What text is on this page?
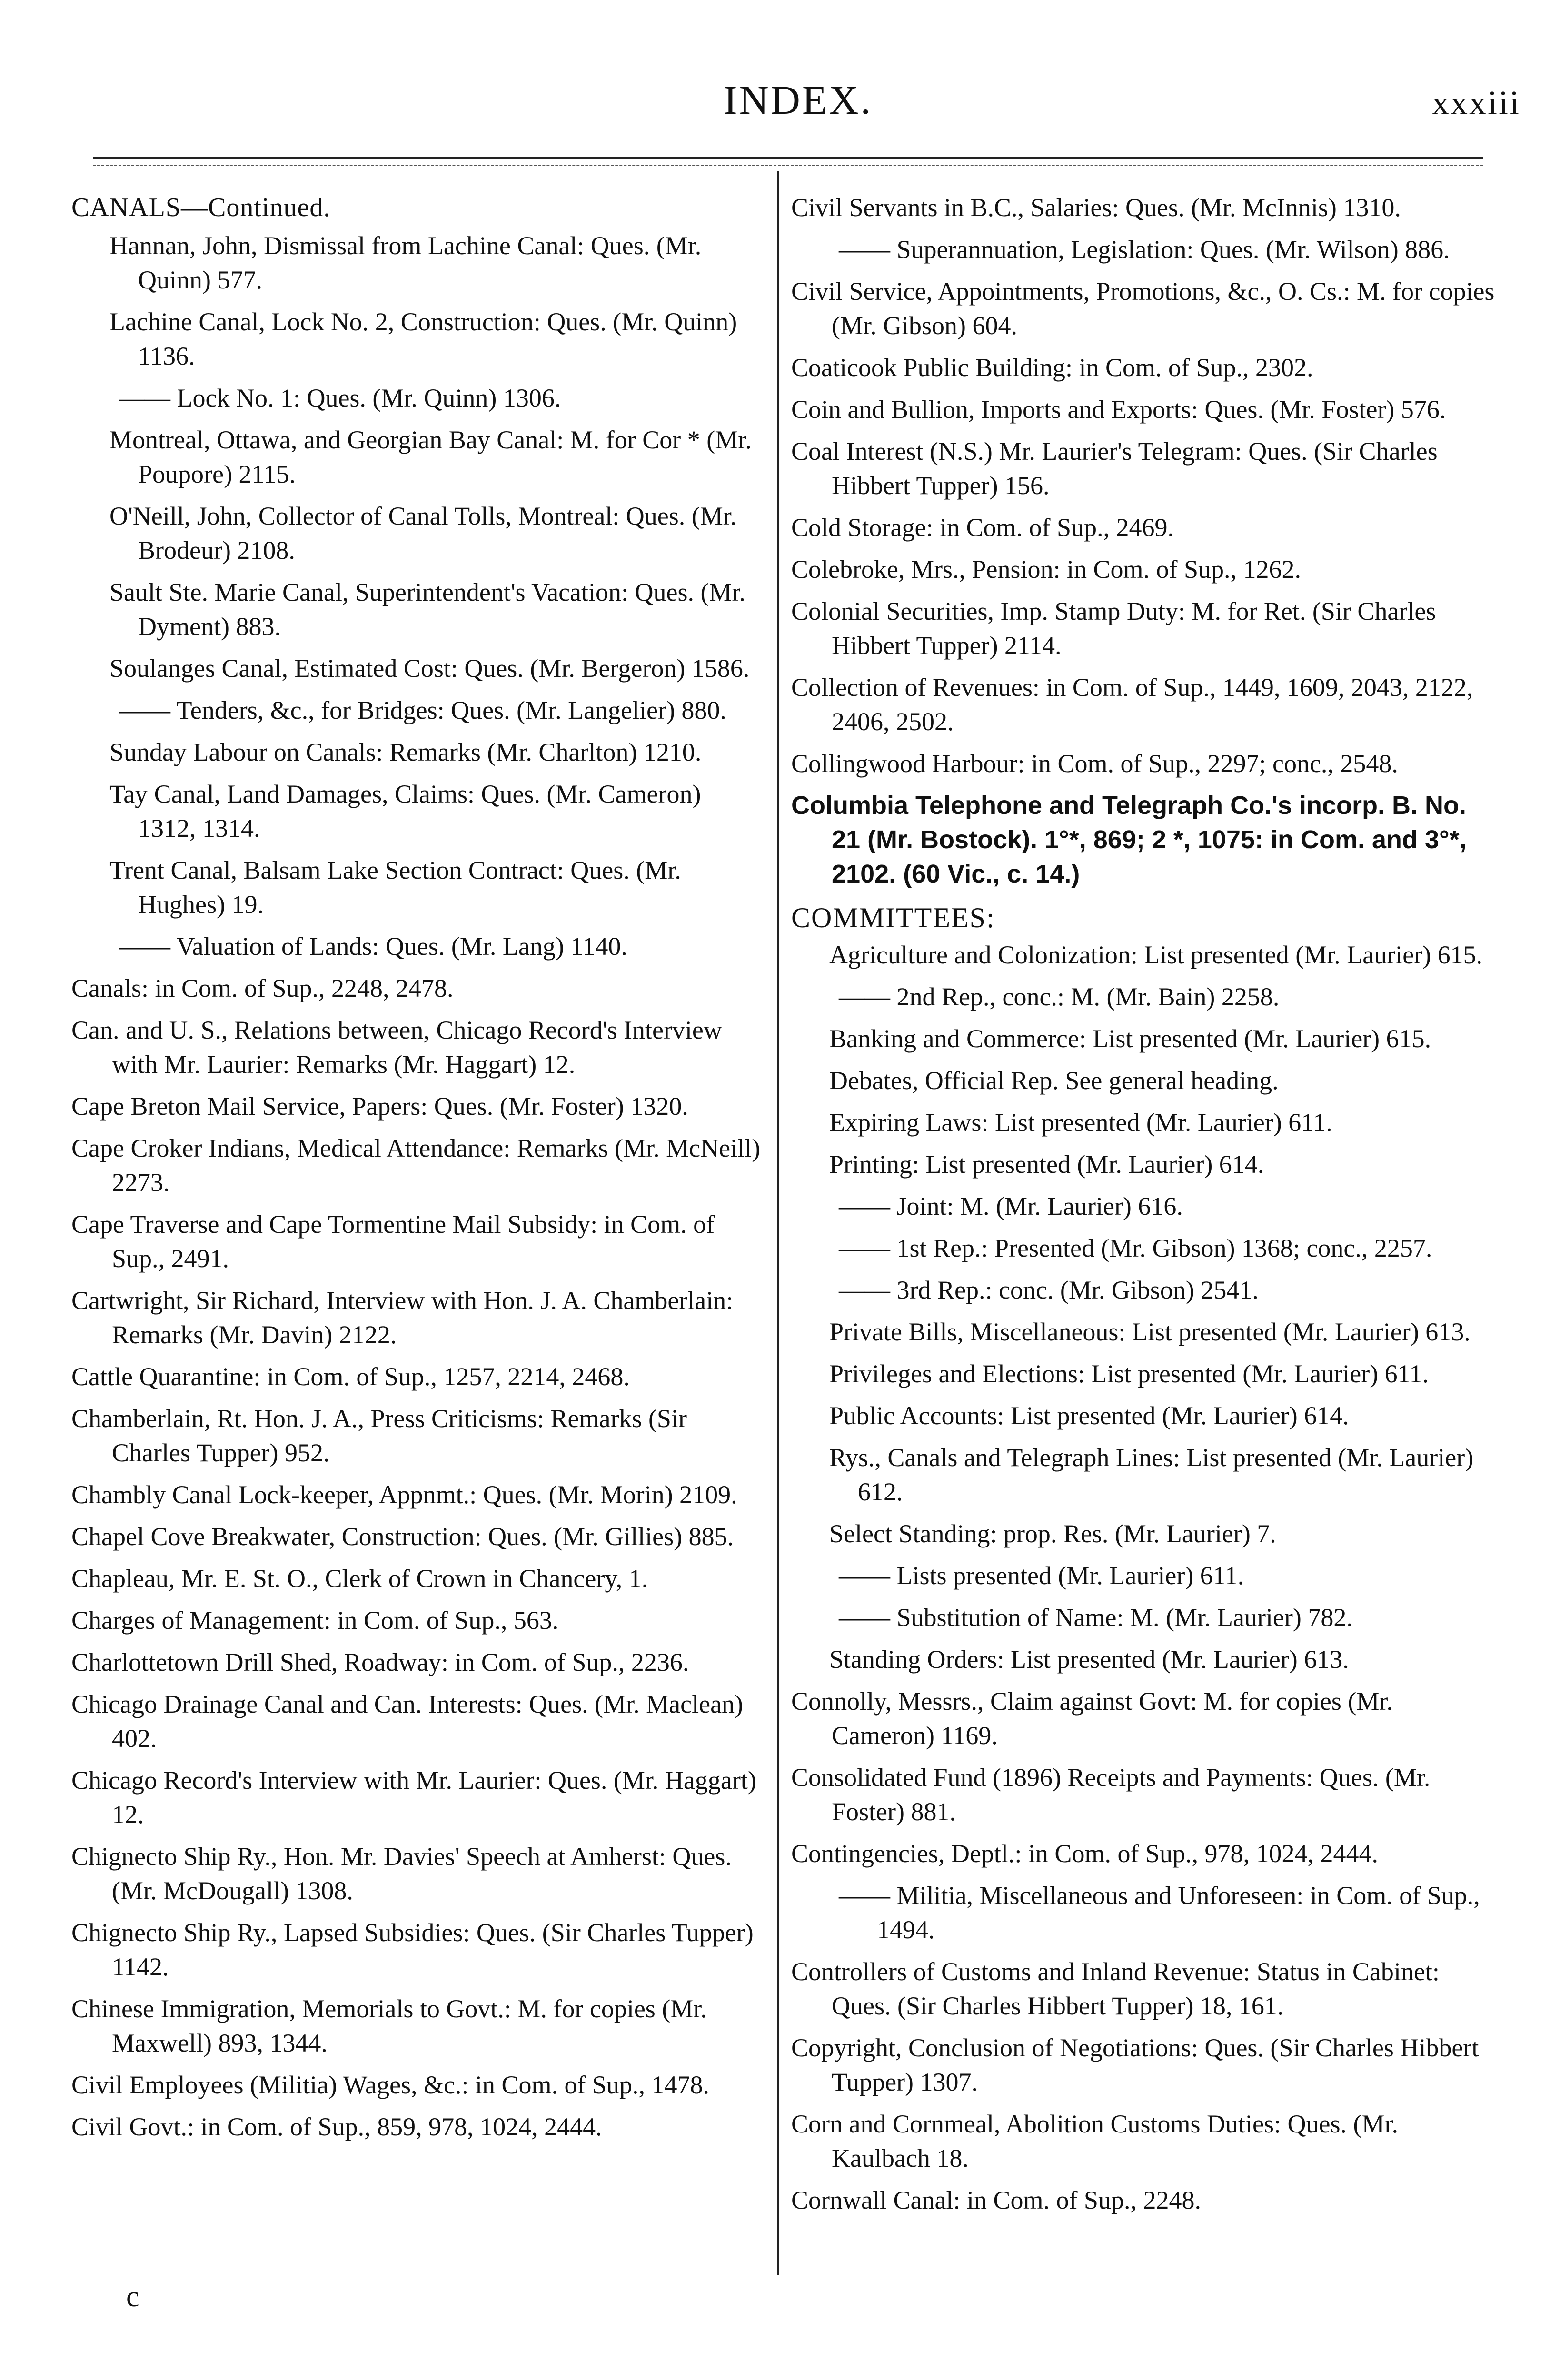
INDEX.	xxxiii
CANALS—Continued.
Hannan, John, Dismissal from Lachine Canal: Ques. (Mr. Quinn) 577.
Lachine Canal, Lock No. 2, Construction: Ques. (Mr. Quinn) 1136.
—— Lock No. 1: Ques. (Mr. Quinn) 1306.
Montreal, Ottawa, and Georgian Bay Canal: M. for Cor * (Mr. Poupore) 2115.
O'Neill, John, Collector of Canal Tolls, Montreal: Ques. (Mr. Brodeur) 2108.
Sault Ste. Marie Canal, Superintendent's Vacation: Ques. (Mr. Dyment) 883.
Soulanges Canal, Estimated Cost: Ques. (Mr. Bergeron) 1586.
—— Tenders, &c., for Bridges: Ques. (Mr. Langelier) 880.
Sunday Labour on Canals: Remarks (Mr. Charlton) 1210.
Tay Canal, Land Damages, Claims: Ques. (Mr. Cameron) 1312, 1314.
Trent Canal, Balsam Lake Section Contract: Ques. (Mr. Hughes) 19.
—— Valuation of Lands: Ques. (Mr. Lang) 1140.
Canals: in Com. of Sup., 2248, 2478.
Can. and U. S., Relations between, Chicago Record's Interview with Mr. Laurier: Remarks (Mr. Haggart) 12.
Cape Breton Mail Service, Papers: Ques. (Mr. Foster) 1320.
Cape Croker Indians, Medical Attendance: Remarks (Mr. McNeill) 2273.
Cape Traverse and Cape Tormentine Mail Subsidy: in Com. of Sup., 2491.
Cartwright, Sir Richard, Interview with Hon. J. A. Chamberlain: Remarks (Mr. Davin) 2122.
Cattle Quarantine: in Com. of Sup., 1257, 2214, 2468.
Chamberlain, Rt. Hon. J. A., Press Criticisms: Remarks (Sir Charles Tupper) 952.
Chambly Canal Lock-keeper, Appnmt.: Ques. (Mr. Morin) 2109.
Chapel Cove Breakwater, Construction: Ques. (Mr. Gillies) 885.
Chapleau, Mr. E. St. O., Clerk of Crown in Chancery, 1.
Charges of Management: in Com. of Sup., 563.
Charlottetown Drill Shed, Roadway: in Com. of Sup., 2236.
Chicago Drainage Canal and Can. Interests: Ques. (Mr. Maclean) 402.
Chicago Record's Interview with Mr. Laurier: Ques. (Mr. Haggart) 12.
Chignecto Ship Ry., Hon. Mr. Davies' Speech at Amherst: Ques. (Mr. McDougall) 1308.
Chignecto Ship Ry., Lapsed Subsidies: Ques. (Sir Charles Tupper) 1142.
Chinese Immigration, Memorials to Govt.: M. for copies (Mr. Maxwell) 893, 1344.
Civil Employees (Militia) Wages, &c.: in Com. of Sup., 1478.
Civil Govt.: in Com. of Sup., 859, 978, 1024, 2444.
Civil Servants in B.C., Salaries: Ques. (Mr. McInnis) 1310.
—— Superannuation, Legislation: Ques. (Mr. Wilson) 886.
Civil Service, Appointments, Promotions, &c., O. Cs.: M. for copies (Mr. Gibson) 604.
Coaticook Public Building: in Com. of Sup., 2302.
Coin and Bullion, Imports and Exports: Ques. (Mr. Foster) 576.
Coal Interest (N.S.) Mr. Laurier's Telegram: Ques. (Sir Charles Hibbert Tupper) 156.
Cold Storage: in Com. of Sup., 2469.
Colebroke, Mrs., Pension: in Com. of Sup., 1262.
Colonial Securities, Imp. Stamp Duty: M. for Ret. (Sir Charles Hibbert Tupper) 2114.
Collection of Revenues: in Com. of Sup., 1449, 1609, 2043, 2122, 2406, 2502.
Collingwood Harbour: in Com. of Sup., 2297; conc., 2548.
Columbia Telephone and Telegraph Co.'s incorp. B. No. 21 (Mr. Bostock). 1°*, 869; 2 *, 1075: in Com. and 3°*, 2102. (60 Vic., c. 14.)
COMMITTEES:
Agriculture and Colonization: List presented (Mr. Laurier) 615.
—— 2nd Rep., conc.: M. (Mr. Bain) 2258.
Banking and Commerce: List presented (Mr. Laurier) 615.
Debates, Official Rep. See general heading.
Expiring Laws: List presented (Mr. Laurier) 611.
Printing: List presented (Mr. Laurier) 614.
—— Joint: M. (Mr. Laurier) 616.
—— 1st Rep.: Presented (Mr. Gibson) 1368; conc., 2257.
—— 3rd Rep.: conc. (Mr. Gibson) 2541.
Private Bills, Miscellaneous: List presented (Mr. Laurier) 613.
Privileges and Elections: List presented (Mr. Laurier) 611.
Public Accounts: List presented (Mr. Laurier) 614.
Rys., Canals and Telegraph Lines: List presented (Mr. Laurier) 612.
Select Standing: prop. Res. (Mr. Laurier) 7.
—— Lists presented (Mr. Laurier) 611.
—— Substitution of Name: M. (Mr. Laurier) 782.
Standing Orders: List presented (Mr. Laurier) 613.
Connolly, Messrs., Claim against Govt: M. for copies (Mr. Cameron) 1169.
Consolidated Fund (1896) Receipts and Payments: Ques. (Mr. Foster) 881.
Contingencies, Deptl.: in Com. of Sup., 978, 1024, 2444.
—— Militia, Miscellaneous and Unforeseen: in Com. of Sup., 1494.
Controllers of Customs and Inland Revenue: Status in Cabinet: Ques. (Sir Charles Hibbert Tupper) 18, 161.
Copyright, Conclusion of Negotiations: Ques. (Sir Charles Hibbert Tupper) 1307.
Corn and Cornmeal, Abolition Customs Duties: Ques. (Mr. Kaulbach 18.
Cornwall Canal: in Com. of Sup., 2248.
c
